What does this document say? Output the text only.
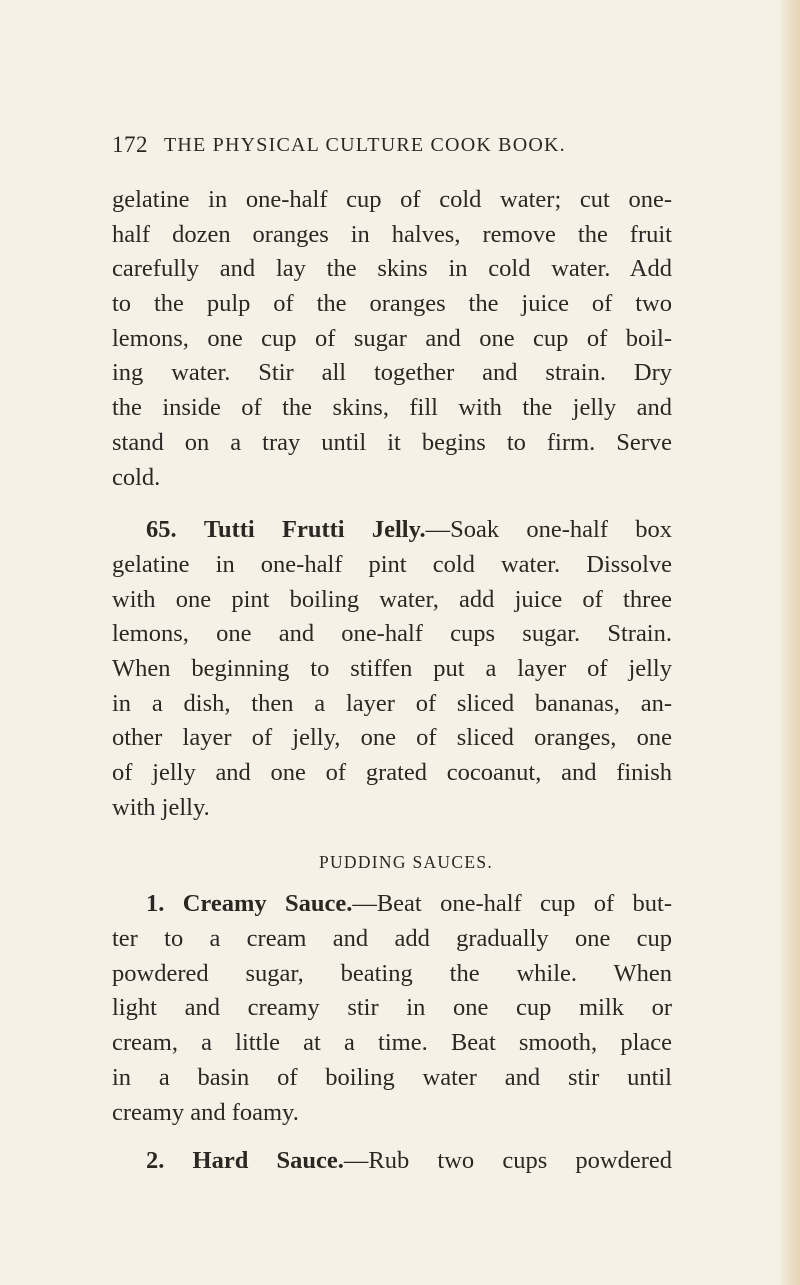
172 THE PHYSICAL CULTURE COOK BOOK.
gelatine in one-half cup of cold water; cut one-
half dozen oranges in halves, remove the fruit
carefully and lay the skins in cold water. Add
to the pulp of the oranges the juice of two
lemons, one cup of sugar and one cup of boil-
ing water. Stir all together and strain. Dry
the inside of the skins, fill with the jelly and
stand on a tray until it begins to firm. Serve
cold.
65. Tutti Frutti Jelly.—Soak one-half box
gelatine in one-half pint cold water. Dissolve
with one pint boiling water, add juice of three
lemons, one and one-half cups sugar. Strain.
When beginning to stiffen put a layer of jelly
in a dish, then a layer of sliced bananas, an-
other layer of jelly, one of sliced oranges, one
of jelly and one of grated cocoanut, and finish
with jelly.
PUDDING SAUCES.
1. Creamy Sauce.—Beat one-half cup of but-
ter to a cream and add gradually one cup
powdered sugar, beating the while. When
light and creamy stir in one cup milk or
cream, a little at a time. Beat smooth, place
in a basin of boiling water and stir until
creamy and foamy.
2. Hard Sauce.—Rub two cups powdered
